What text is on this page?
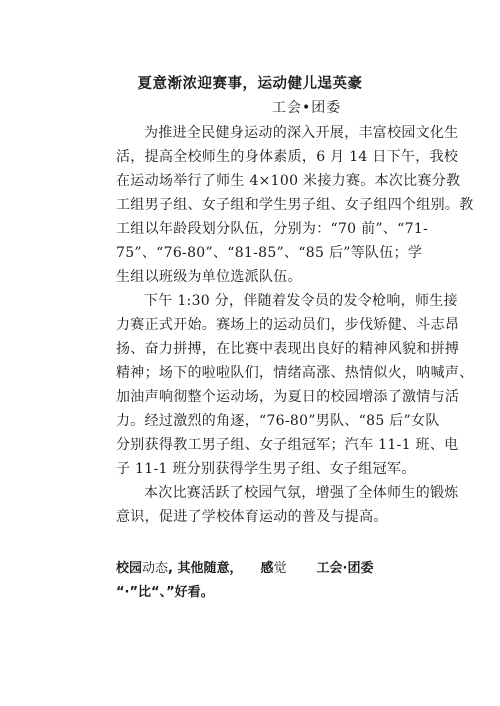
夏意渐浓迎赛事，运动健儿逞英豪
工会•团委
为推进全民健身运动的深入开展，丰富校园文化生
活，提高全校师生的身体素质，6 月 14 日下午，我校
在运动场举行了师生 4×100 米接力赛。本次比赛分教
工组男子组、女子组和学生男子组、女子组四个组别。教
工组以年龄段划分队伍，分别为：“70 前”、“71-
75”、“76-80”、“81-85”、“85 后”等队伍；学
生组以班级为单位选派队伍。
下午 1:30 分，伴随着发令员的发令枪响，师生接
力赛正式开始。赛场上的运动员们，步伐矫健、斗志昂
扬、奋力拼搏，在比赛中表现出良好的精神风貌和拼搏
精神；场下的啦啦队们，情绪高涨、热情似火，呐喊声、
加油声响彻整个运动场，为夏日的校园增添了激情与活
力。经过激烈的角逐，“76-80”男队、“85 后”女队
分别获得教工男子组、女子组冠军；汽车 11-1 班、电
子 11-1 班分别获得学生男子组、女子组冠军。
本次比赛活跃了校园气氛，增强了全体师生的锻炼
意识，促进了学校体育运动的普及与提高。
校园动态, 其他随意， 感觉 工会·团委
“·”比“、”好看。
